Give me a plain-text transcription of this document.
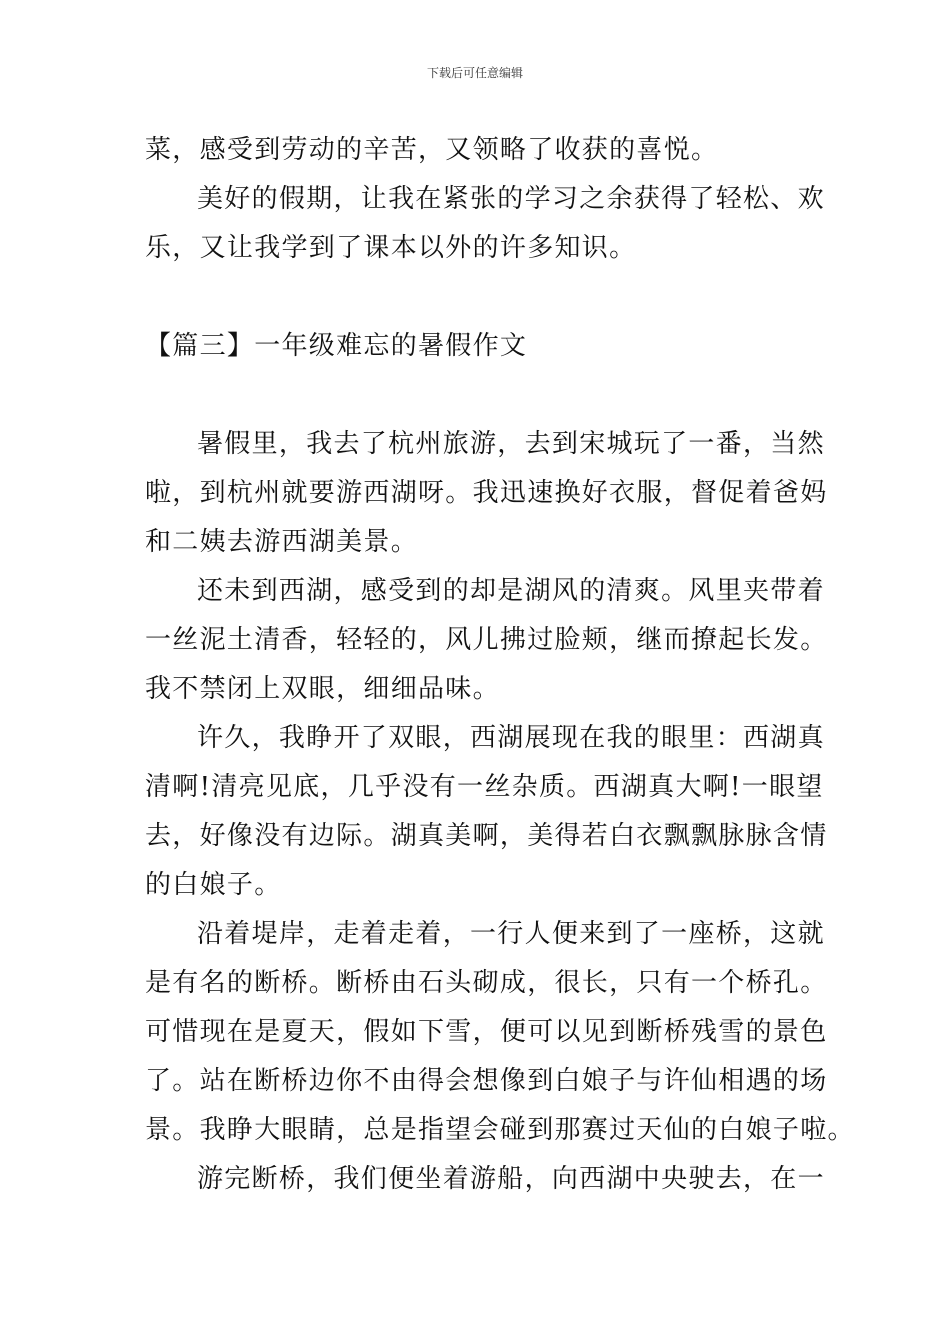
下载后可任意编辑
菜，感受到劳动的辛苦，又领略了收获的喜悦。
美好的假期，让我在紧张的学习之余获得了轻松、欢
乐，又让我学到了课本以外的许多知识。
【篇三】一年级难忘的暑假作文
暑假里，我去了杭州旅游，去到宋城玩了一番，当然
啦，到杭州就要游西湖呀。我迅速换好衣服，督促着爸妈
和二姨去游西湖美景。
还未到西湖，感受到的却是湖风的清爽。风里夹带着
一丝泥土清香，轻轻的，风儿拂过脸颊，继而撩起长发。
我不禁闭上双眼，细细品味。
许久，我睁开了双眼，西湖展现在我的眼里：西湖真
清啊!清亮见底，几乎没有一丝杂质。西湖真大啊!一眼望
去，好像没有边际。湖真美啊，美得若白衣飘飘脉脉含情
的白娘子。
沿着堤岸，走着走着，一行人便来到了一座桥，这就
是有名的断桥。断桥由石头砌成，很长，只有一个桥孔。
可惜现在是夏天，假如下雪，便可以见到断桥残雪的景色
了。站在断桥边你不由得会想像到白娘子与许仙相遇的场
景。我睁大眼睛，总是指望会碰到那赛过天仙的白娘子啦。
游完断桥，我们便坐着游船，向西湖中央驶去，在一
